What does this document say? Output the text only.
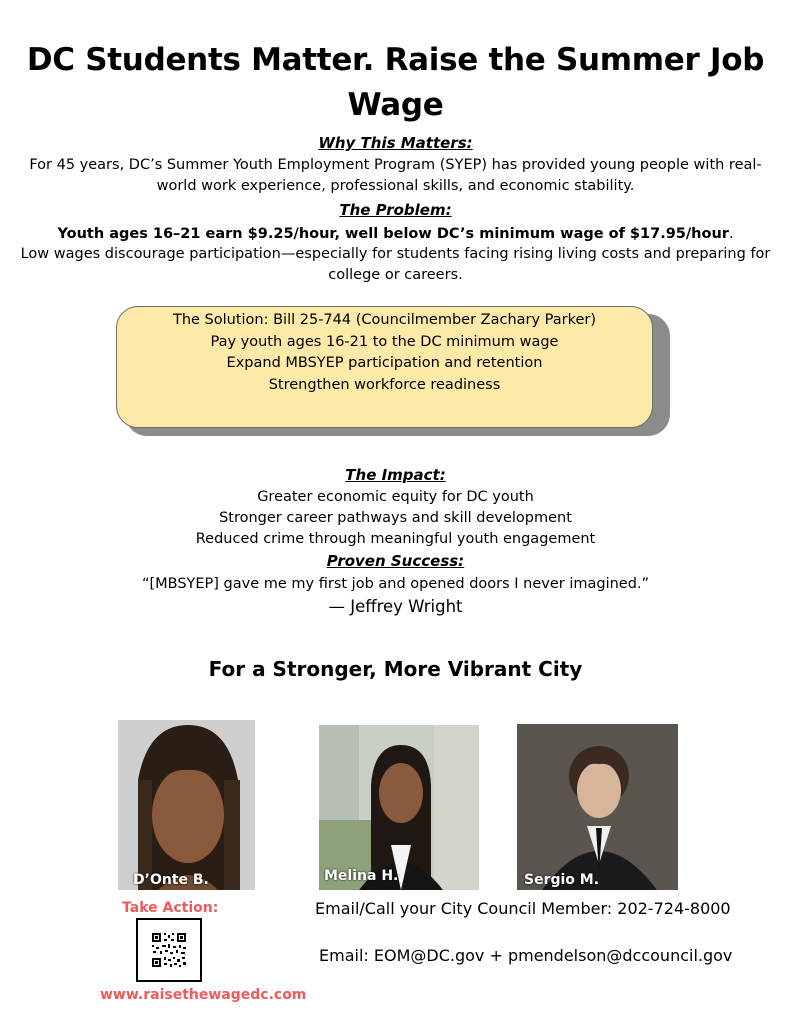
DC Students Matter. Raise the Summer Job Wage
Why This Matters:
For 45 years, DC’s Summer Youth Employment Program (SYEP) has provided young people with real-world work experience, professional skills, and economic stability.
The Problem:
Youth ages 16–21 earn $9.25/hour, well below DC’s minimum wage of $17.95/hour.
Low wages discourage participation—especially for students facing rising living costs and preparing for college or careers.
The Solution: Bill 25-744 (Councilmember Zachary Parker)
Pay youth ages 16-21 to the DC minimum wage
Expand MBSYEP participation and retention
Strengthen workforce readiness
The Impact:
Greater economic equity for DC youth
Stronger career pathways and skill development
Reduced crime through meaningful youth engagement
Proven Success:
“[MBSYEP] gave me my first job and opened doors I never imagined.”
— Jeffrey Wright
For a Stronger, More Vibrant City
D’Onte B.	Melina H.	Sergio M.
Take Action:
www.raisethewagedc.com
Email/Call your City Council Member: 202-724-8000
Email: EOM@DC.gov + pmendelson@dccouncil.gov
